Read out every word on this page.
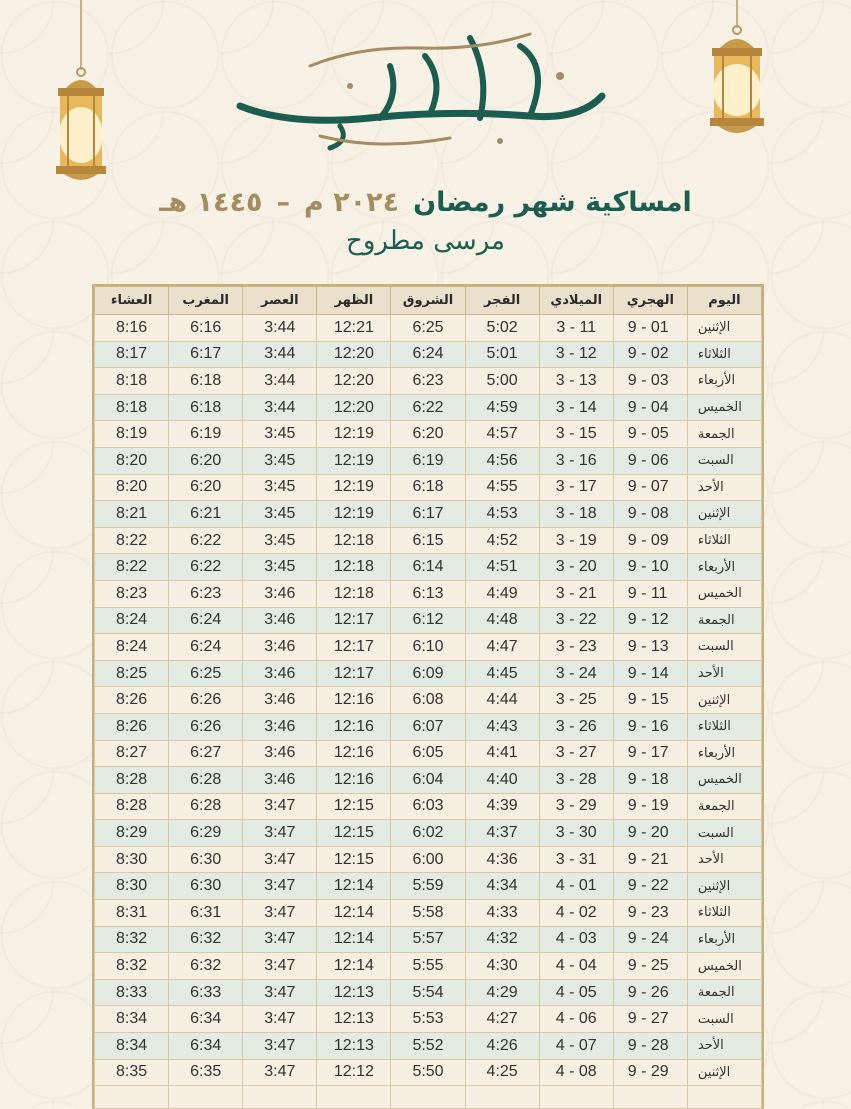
امساكية شهر رمضان
٢٠٢٤ م
–
١٤٤٥ هـ
مرسى مطروح
اليوم	الهجري	الميلادي	الفجر	الشروق	الظهر	العصر	المغرب	العشاء
الإثنين	01 - 9	11 - 3	5:02	6:25	12:21	3:44	6:16	8:16
الثلاثاء	02 - 9	12 - 3	5:01	6:24	12:20	3:44	6:17	8:17
الأربعاء	03 - 9	13 - 3	5:00	6:23	12:20	3:44	6:18	8:18
الخميس	04 - 9	14 - 3	4:59	6:22	12:20	3:44	6:18	8:18
الجمعة	05 - 9	15 - 3	4:57	6:20	12:19	3:45	6:19	8:19
السبت	06 - 9	16 - 3	4:56	6:19	12:19	3:45	6:20	8:20
الأحد	07 - 9	17 - 3	4:55	6:18	12:19	3:45	6:20	8:20
الإثنين	08 - 9	18 - 3	4:53	6:17	12:19	3:45	6:21	8:21
الثلاثاء	09 - 9	19 - 3	4:52	6:15	12:18	3:45	6:22	8:22
الأربعاء	10 - 9	20 - 3	4:51	6:14	12:18	3:45	6:22	8:22
الخميس	11 - 9	21 - 3	4:49	6:13	12:18	3:46	6:23	8:23
الجمعة	12 - 9	22 - 3	4:48	6:12	12:17	3:46	6:24	8:24
السبت	13 - 9	23 - 3	4:47	6:10	12:17	3:46	6:24	8:24
الأحد	14 - 9	24 - 3	4:45	6:09	12:17	3:46	6:25	8:25
الإثنين	15 - 9	25 - 3	4:44	6:08	12:16	3:46	6:26	8:26
الثلاثاء	16 - 9	26 - 3	4:43	6:07	12:16	3:46	6:26	8:26
الأربعاء	17 - 9	27 - 3	4:41	6:05	12:16	3:46	6:27	8:27
الخميس	18 - 9	28 - 3	4:40	6:04	12:16	3:46	6:28	8:28
الجمعة	19 - 9	29 - 3	4:39	6:03	12:15	3:47	6:28	8:28
السبت	20 - 9	30 - 3	4:37	6:02	12:15	3:47	6:29	8:29
الأحد	21 - 9	31 - 3	4:36	6:00	12:15	3:47	6:30	8:30
الإثنين	22 - 9	01 - 4	4:34	5:59	12:14	3:47	6:30	8:30
الثلاثاء	23 - 9	02 - 4	4:33	5:58	12:14	3:47	6:31	8:31
الأربعاء	24 - 9	03 - 4	4:32	5:57	12:14	3:47	6:32	8:32
الخميس	25 - 9	04 - 4	4:30	5:55	12:14	3:47	6:32	8:32
الجمعة	26 - 9	05 - 4	4:29	5:54	12:13	3:47	6:33	8:33
السبت	27 - 9	06 - 4	4:27	5:53	12:13	3:47	6:34	8:34
الأحد	28 - 9	07 - 4	4:26	5:52	12:13	3:47	6:34	8:34
الإثنين	29 - 9	08 - 4	4:25	5:50	12:12	3:47	6:35	8:35
